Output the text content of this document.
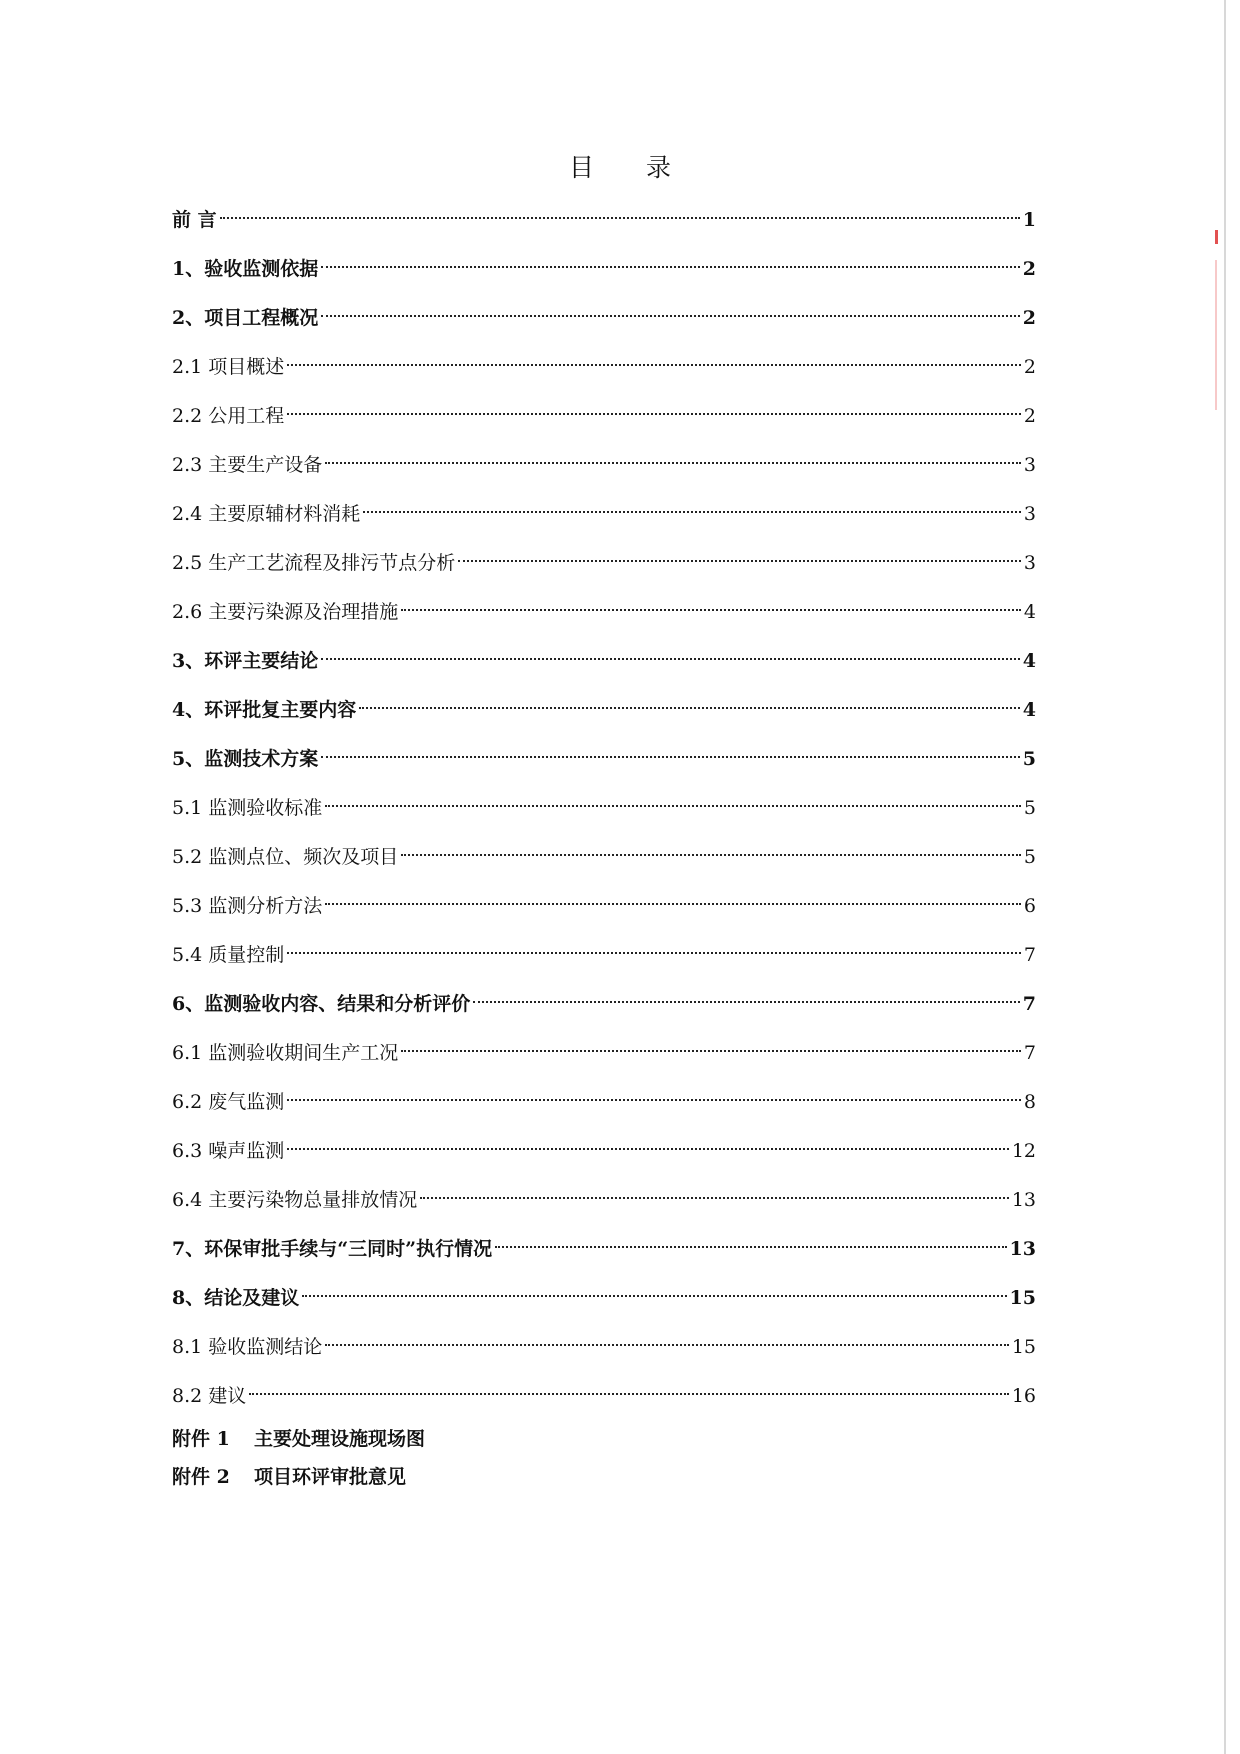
目 录
前 言	1
1、验收监测依据	2
2、项目工程概况	2
2.1 项目概述	2
2.2 公用工程	2
2.3 主要生产设备	3
2.4 主要原辅材料消耗	3
2.5 生产工艺流程及排污节点分析	3
2.6 主要污染源及治理措施	4
3、环评主要结论	4
4、环评批复主要内容	4
5、监测技术方案	5
5.1 监测验收标准	5
5.2 监测点位、频次及项目	5
5.3 监测分析方法	6
5.4 质量控制	7
6、监测验收内容、结果和分析评价	7
6.1 监测验收期间生产工况	7
6.2 废气监测	8
6.3 噪声监测	12
6.4 主要污染物总量排放情况	13
7、环保审批手续与“三同时”执行情况	13
8、结论及建议	15
8.1 验收监测结论	15
8.2 建议	16
附件 1	主要处理设施现场图
附件 2	项目环评审批意见
